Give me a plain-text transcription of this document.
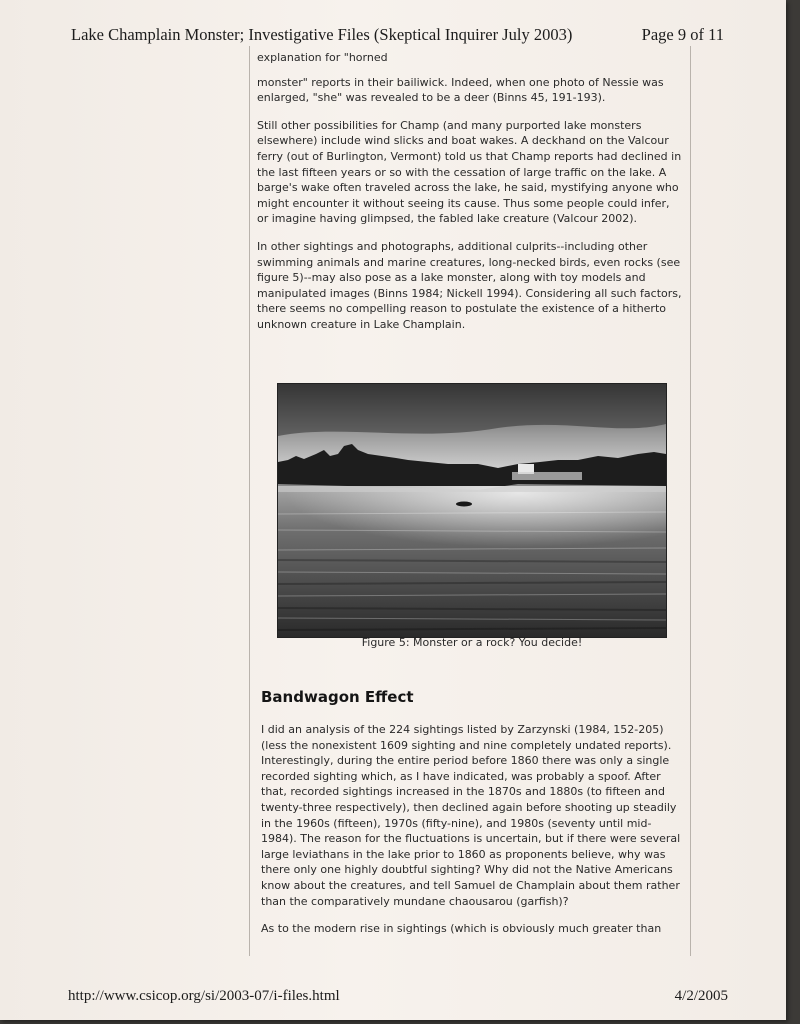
Lake Champlain Monster; Investigative Files (Skeptical Inquirer July 2003)	Page 9 of 11

explanation for "horned

monster" reports in their bailiwick. Indeed, when one photo of Nessie was enlarged, "she" was revealed to be a deer (Binns 45, 191-193).

Still other possibilities for Champ (and many purported lake monsters elsewhere) include wind slicks and boat wakes. A deckhand on the Valcour ferry (out of Burlington, Vermont) told us that Champ reports had declined in the last fifteen years or so with the cessation of large traffic on the lake. A barge's wake often traveled across the lake, he said, mystifying anyone who might encounter it without seeing its cause. Thus some people could infer, or imagine having glimpsed, the fabled lake creature (Valcour 2002).

In other sightings and photographs, additional culprits--including other swimming animals and marine creatures, long-necked birds, even rocks (see figure 5)--may also pose as a lake monster, along with toy models and manipulated images (Binns 1984; Nickell 1994). Considering all such factors, there seems no compelling reason to postulate the existence of a hitherto unknown creature in Lake Champlain.

Figure 5: Monster or a rock? You decide!
Bandwagon Effect

I did an analysis of the 224 sightings listed by Zarzynski (1984, 152-205) (less the nonexistent 1609 sighting and nine completely undated reports). Interestingly, during the entire period before 1860 there was only a single recorded sighting which, as I have indicated, was probably a spoof. After that, recorded sightings increased in the 1870s and 1880s (to fifteen and twenty-three respectively), then declined again before shooting up steadily in the 1960s (fifteen), 1970s (fifty-nine), and 1980s (seventy until mid-1984). The reason for the fluctuations is uncertain, but if there were several large leviathans in the lake prior to 1860 as proponents believe, why was there only one highly doubtful sighting? Why did not the Native Americans know about the creatures, and tell Samuel de Champlain about them rather than the comparatively mundane chaousarou (garfish)?

As to the modern rise in sightings (which is obviously much greater than

http://www.csicop.org/si/2003-07/i-files.html	4/2/2005
